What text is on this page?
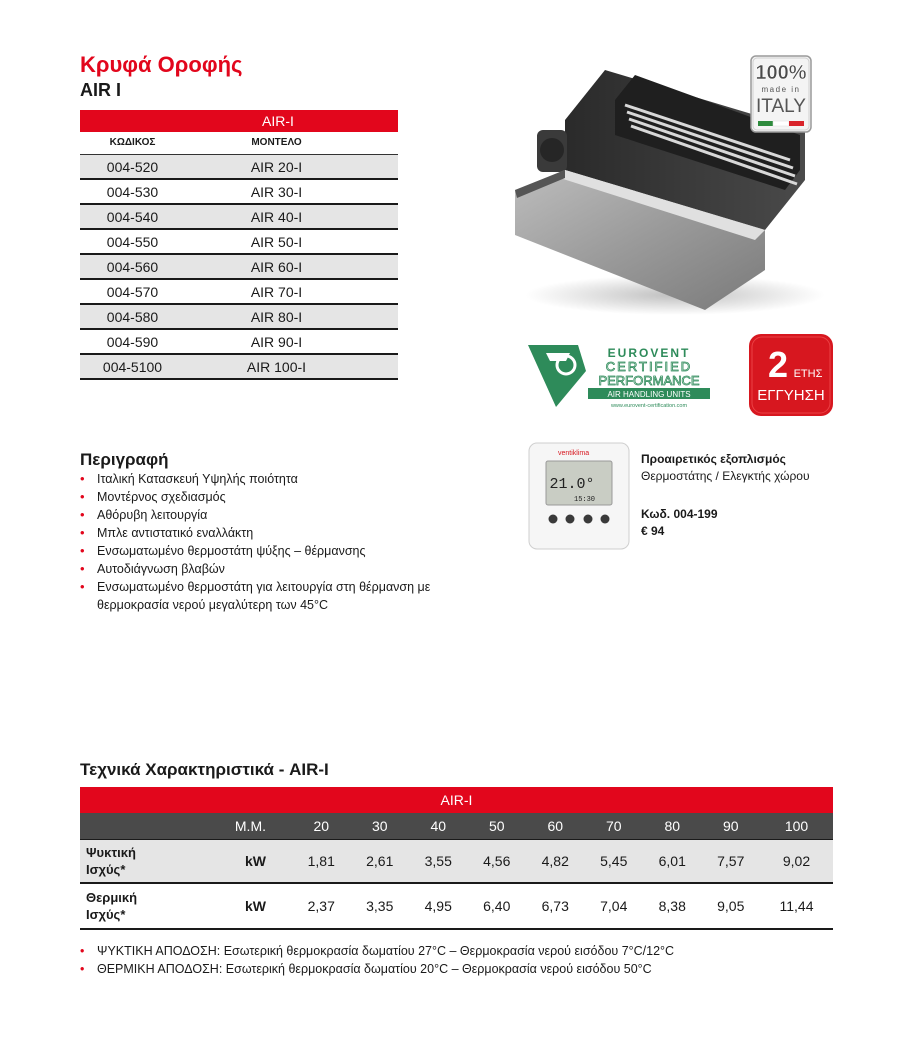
Κρυφά Οροφής
AIR I
AIR-I
ΚΩΔΙΚΟΣ	ΜΟΝΤΕΛΟ
004-520	AIR 20-I
004-530	AIR 30-I
004-540	AIR 40-I
004-550	AIR 50-I
004-560	AIR 60-I
004-570	AIR 70-I
004-580	AIR 80-I
004-590	AIR 90-I
004-5100	AIR 100-I
100%
made in
ITALY
EUROVENT
CERTIFIED
PERFORMANCE
AIR HANDLING UNITS
www.eurovent-certification.com
2 ΕΤΗΣ
ΕΓΓΥΗΣΗ
Περιγραφή
• Ιταλική Κατασκευή Υψηλής ποιότητα
• Μοντέρνος σχεδιασμός
• Αθόρυβη λειτουργία
• Μπλε αντιστατικό εναλλάκτη
• Ενσωματωμένο θερμοστάτη ψύξης – θέρμανσης
• Αυτοδιάγνωση βλαβών
• Ενσωματωμένο θερμοστάτη για λειτουργία στη θέρμανση με θερμοκρασία νερού μεγαλύτερη των 45°C
ventiklima
21.0°
15:30
Προαιρετικός εξοπλισμός
Θερμοστάτης / Ελεγκτής χώρου
Κωδ. 004-199
€ 94
Τεχνικά Χαρακτηριστικά - AIR-I
AIR-I										
	Μ.Μ.	20	30	40	50	60	70	80	90	100
Ψυκτική
Ισχύς*	kW	1,81	2,61	3,55	4,56	4,82	5,45	6,01	7,57	9,02
Θερμική
Ισχύς*	kW	2,37	3,35	4,95	6,40	6,73	7,04	8,38	9,05	11,44
• ΨΥΚΤΙΚΗ ΑΠΟΔΟΣΗ: Εσωτερική θερμοκρασία δωματίου 27°C – Θερμοκρασία νερού εισόδου 7°C/12°C
• ΘΕΡΜΙΚΗ ΑΠΟΔΟΣΗ: Εσωτερική θερμοκρασία δωματίου 20°C – Θερμοκρασία νερού εισόδου 50°C
